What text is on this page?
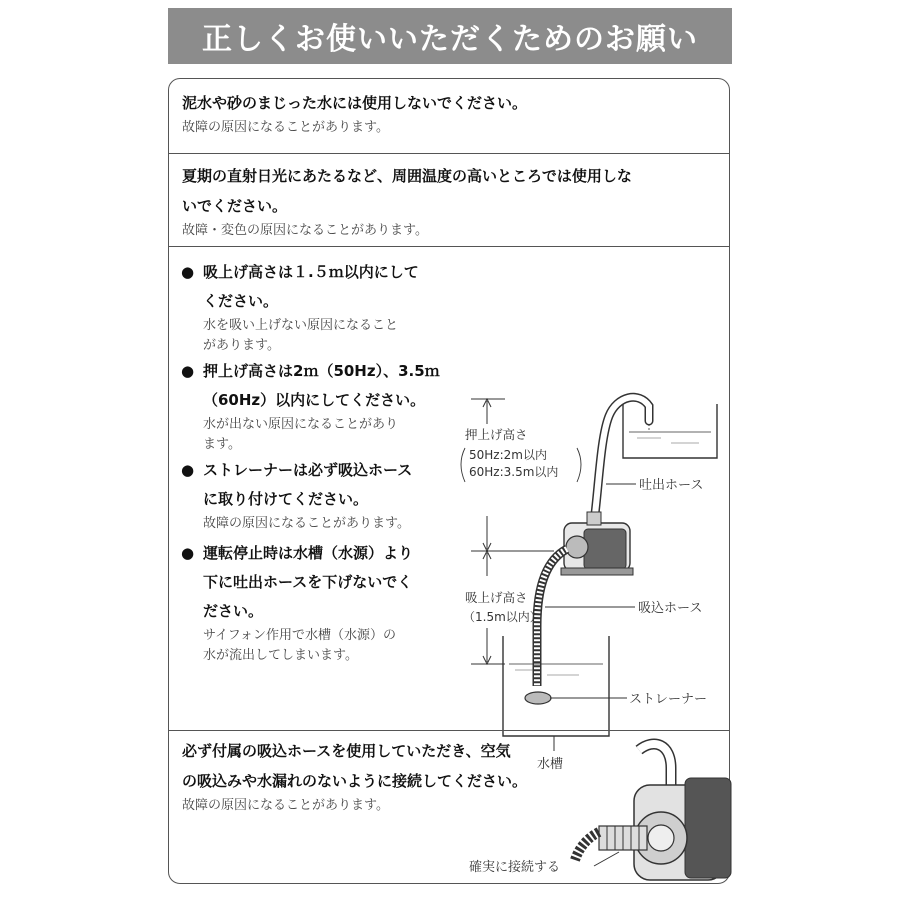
正しくお使いいただくためのお願い
泥水や砂のまじった水には使用しないでください。
故障の原因になることがあります。
夏期の直射日光にあたるなど、周囲温度の高いところでは使用しな
いでください。
故障・変色の原因になることがあります。
● 吸上げ高さは１.５ｍ以内にして
ください。
水を吸い上げない原因になること
があります。
● 押上げ高さは2ｍ（50Hz）、3.5ｍ
（60Hz）以内にしてください。
水が出ない原因になることがあり
ます。
● ストレーナーは必ず吸込ホース
に取り付けてください。
故障の原因になることがあります。
● 運転停止時は水槽（水源）より
下に吐出ホースを下げないでく
ださい。
サイフォン作用で水槽（水源）の
水が流出してしまいます。
押上げ高さ
50Hz:2m以内
60Hz:3.5m以内
吐出ホース
吸上げ高さ
（1.5m以内）
吸込ホース
ストレーナー
水槽
必ず付属の吸込ホースを使用していただき、空気
の吸込みや水漏れのないように接続してください。
故障の原因になることがあります。
確実に接続する
